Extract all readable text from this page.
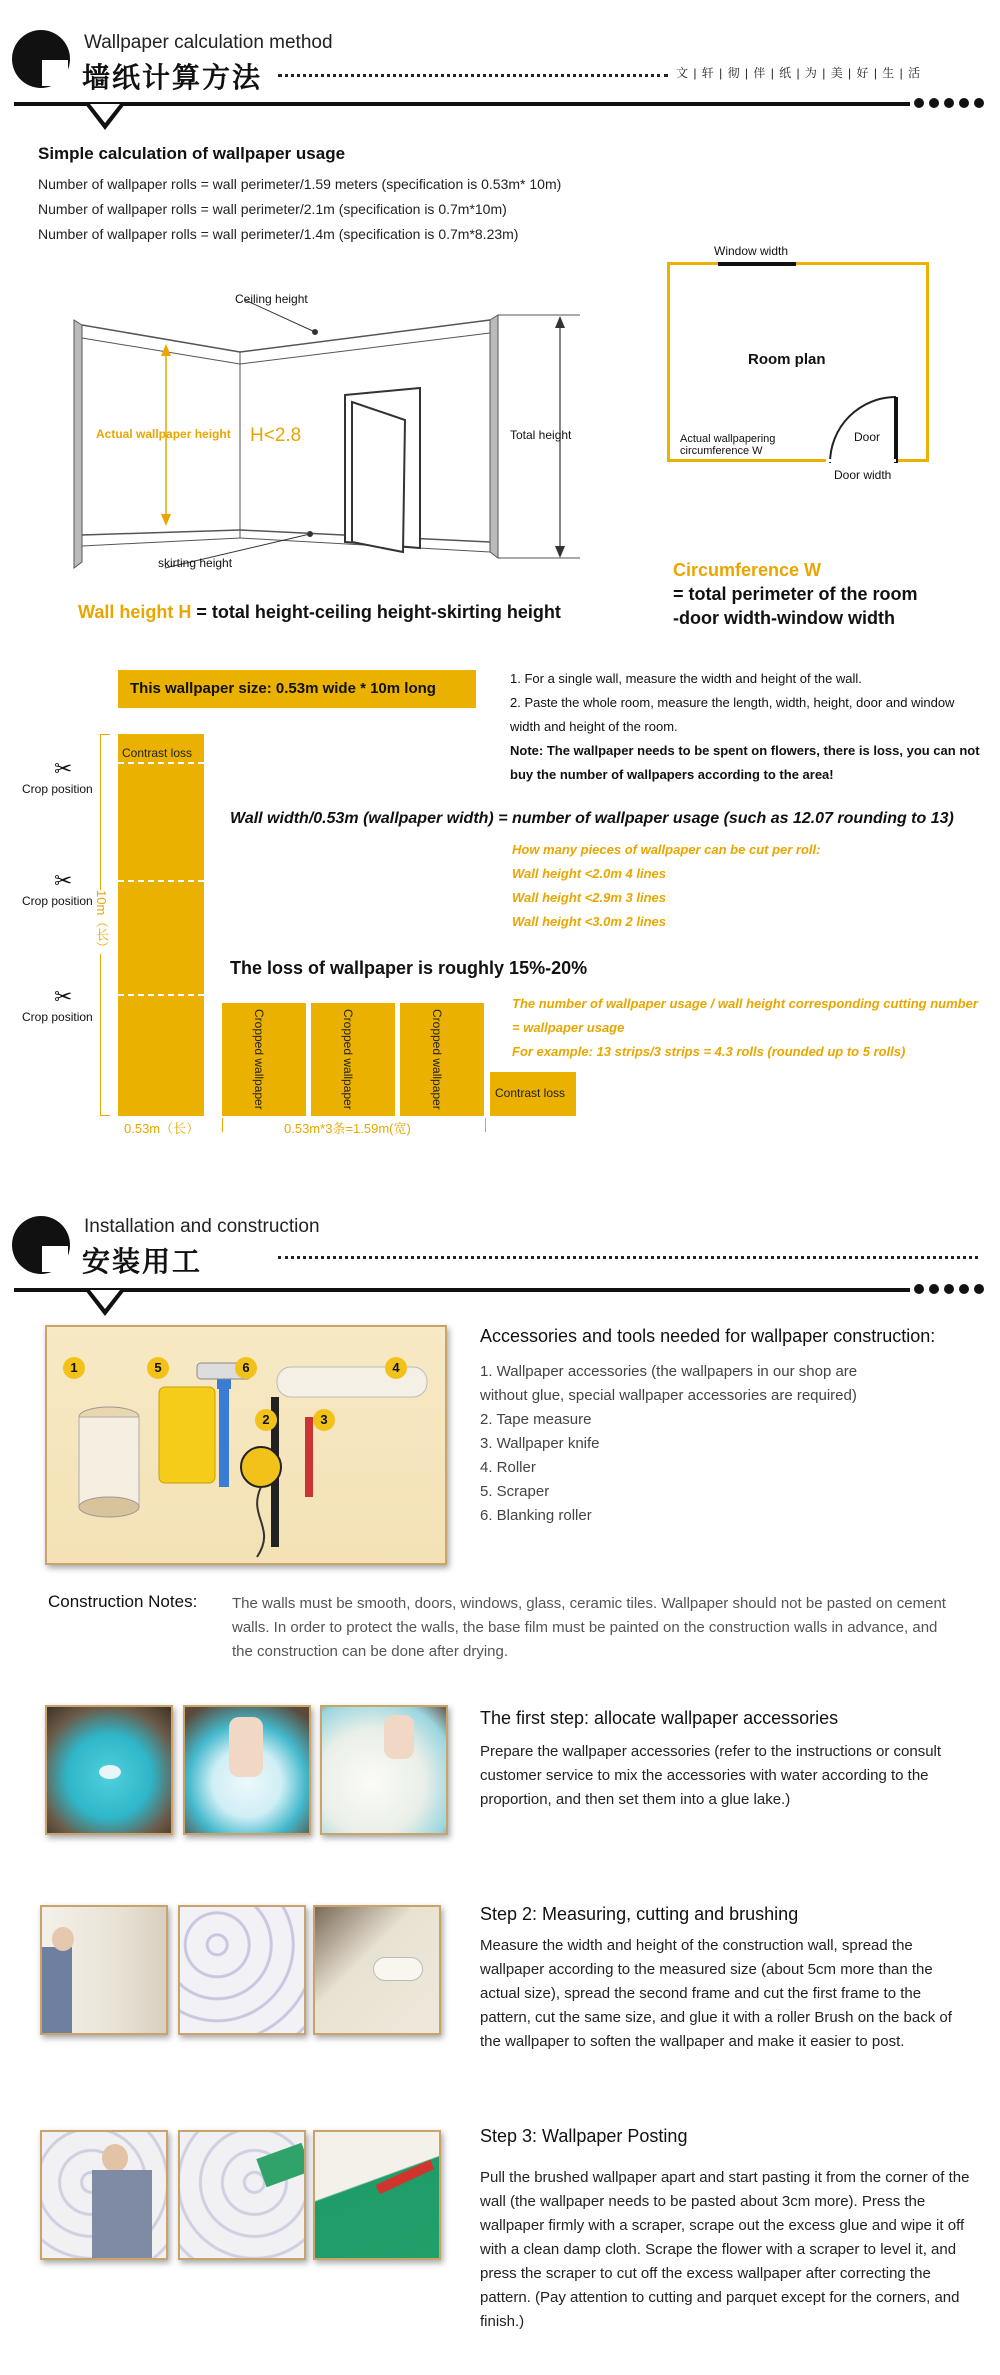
Wallpaper calculation method
墙纸计算方法	文 | 轩 | 彻 | 伴 | 纸 | 为 | 美 | 好 | 生 | 活
Simple calculation of wallpaper usage
Number of wallpaper rolls = wall perimeter/1.59 meters (specification is 0.53m* 10m)
Number of wallpaper rolls = wall perimeter/2.1m (specification is 0.7m*10m)
Number of wallpaper rolls = wall perimeter/1.4m (specification is 0.7m*8.23m)
Ceiling height
Actual wallpaper height H<2.8	Total height
skirting height
Wall height H = total height-ceiling height-skirting height
Window width
Room plan
Actual wallpapering circumference W
Door
Door width
Circumference W
= total perimeter of the room
-door width-window width
This wallpaper size: 0.53m wide * 10m long
1. For a single wall, measure the width and height of the wall.
2. Paste the whole room, measure the length, width, height, door and window width and height of the room.
Note: The wallpaper needs to be spent on flowers, there is loss, you can not buy the number of wallpapers according to the area!
Contrast loss
10m（长）
✂
Crop position
✂
Crop position
✂
Crop position	Cropped wallpaper	Cropped wallpaper	Cropped wallpaper	Contrast loss
0.53m（长）	0.53m*3条=1.59m(宽)
Wall width/0.53m (wallpaper width) = number of wallpaper usage (such as 12.07 rounding to 13)
How many pieces of wallpaper can be cut per roll:
Wall height <2.0m 4 lines
Wall height <2.9m 3 lines
Wall height <3.0m 2 lines
The loss of wallpaper is roughly 15%-20%
The number of wallpaper usage / wall height corresponding cutting number = wallpaper usage
For example: 13 strips/3 strips = 4.3 rolls (rounded up to 5 rolls)
Installation and construction
安装用工
1	5	6	4
2	3
Accessories and tools needed for wallpaper construction:
1. Wallpaper accessories (the wallpapers in our shop are without glue, special wallpaper accessories are required)
2. Tape measure
3. Wallpaper knife
4. Roller
5. Scraper
6. Blanking roller
Construction Notes: The walls must be smooth, doors, windows, glass, ceramic tiles. Wallpaper should not be pasted on cement walls. In order to protect the walls, the base film must be painted on the construction walls in advance, and the construction can be done after drying.
The first step: allocate wallpaper accessories
Prepare the wallpaper accessories (refer to the instructions or consult customer service to mix the accessories with water according to the proportion, and then set them into a glue lake.)
Step 2: Measuring, cutting and brushing
Measure the width and height of the construction wall, spread the wallpaper according to the measured size (about 5cm more than the actual size), spread the second frame and cut the first frame to the pattern, cut the same size, and glue it with a roller Brush on the back of the wallpaper to soften the wallpaper and make it easier to post.
Step 3: Wallpaper Posting
Pull the brushed wallpaper apart and start pasting it from the corner of the wall (the wallpaper needs to be pasted about 3cm more). Press the wallpaper firmly with a scraper, scrape out the excess glue and wipe it off with a clean damp cloth. Scrape the flower with a scraper to level it, and press the scraper to cut off the excess wallpaper after correcting the pattern. (Pay attention to cutting and parquet except for the corners, and finish.)
